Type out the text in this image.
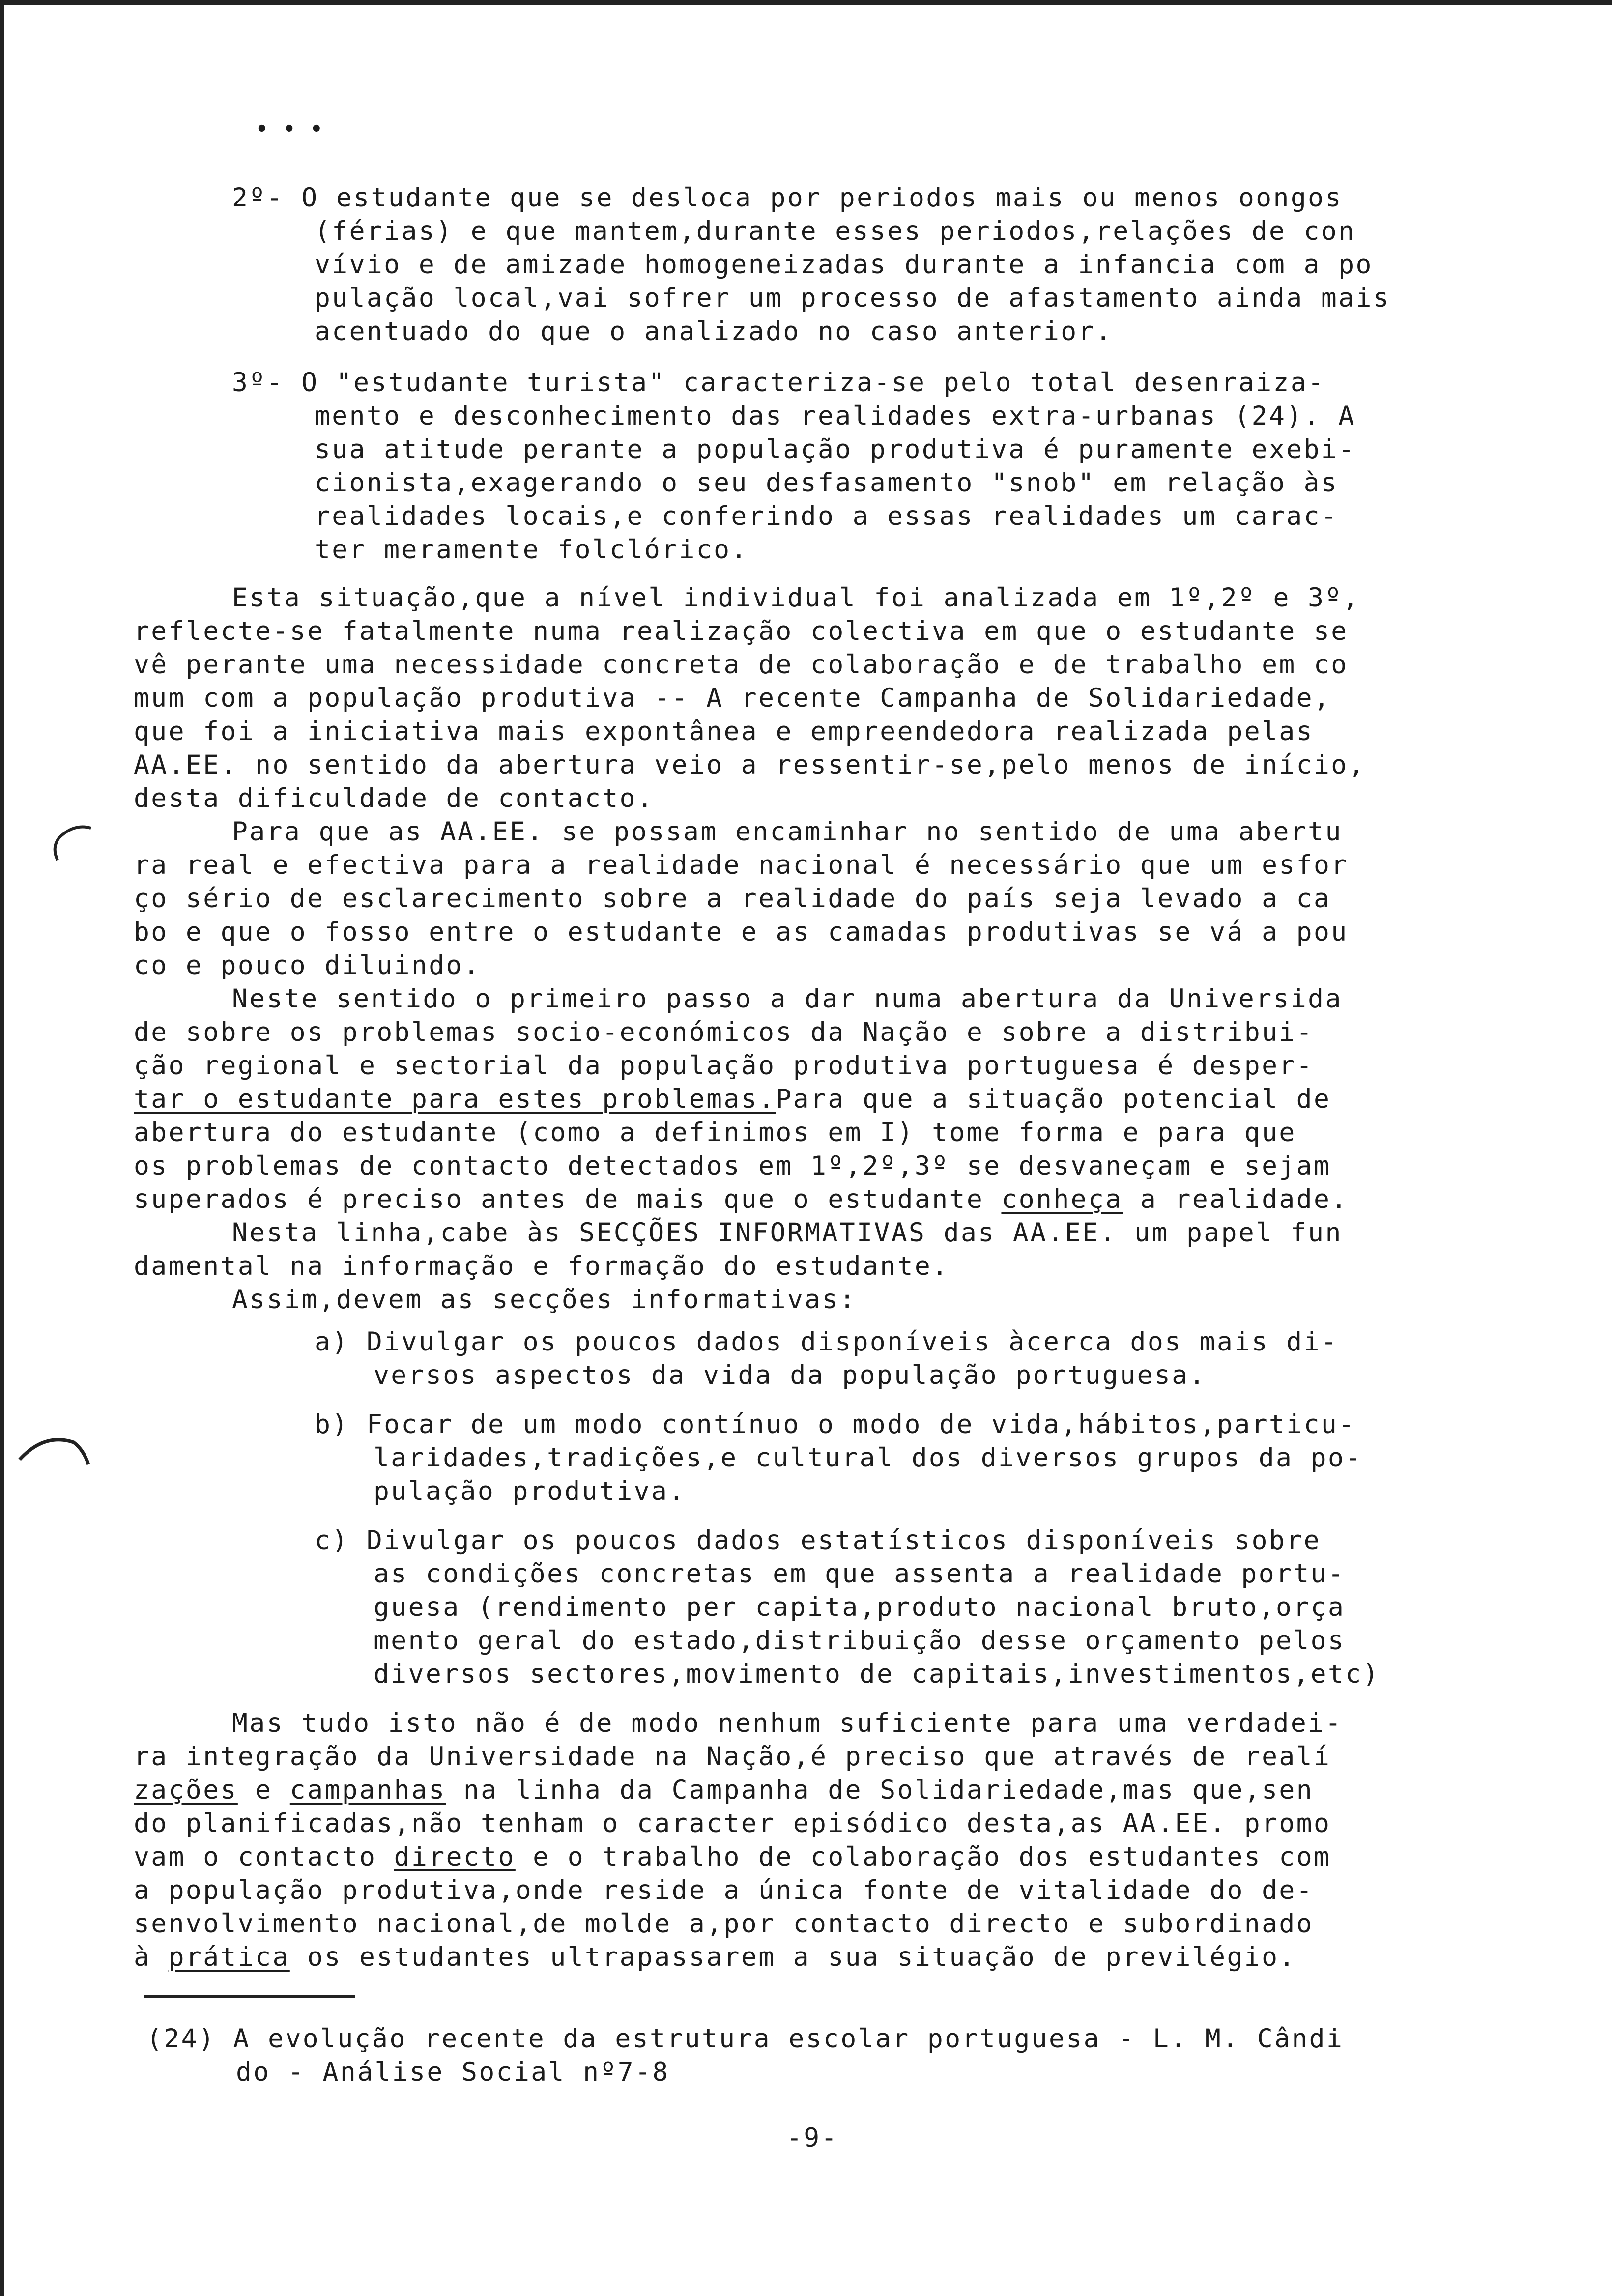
• • •
2º- O estudante que se desloca por periodos mais ou menos oongos
(férias) e que mantem,durante esses periodos,relações de con
vívio e de amizade homogeneizadas durante a infancia com a po
pulação local,vai sofrer um processo de afastamento ainda mais
acentuado do que o analizado no caso anterior.
3º- O "estudante turista" caracteriza-se pelo total desenraiza-
mento e desconhecimento das realidades extra-urbanas (24). A
sua atitude perante a população produtiva é puramente exebi-
cionista,exagerando o seu desfasamento "snob" em relação às
realidades locais,e conferindo a essas realidades um carac-
ter meramente folclórico.
Esta situação,que a nível individual foi analizada em 1º,2º e 3º,
reflecte-se fatalmente numa realização colectiva em que o estudante se
vê perante uma necessidade concreta de colaboração e de trabalho em co
mum com a população produtiva -- A recente Campanha de Solidariedade,
que foi a iniciativa mais expontânea e empreendedora realizada pelas
AA.EE. no sentido da abertura veio a ressentir-se,pelo menos de início,
desta dificuldade de contacto.
Para que as AA.EE. se possam encaminhar no sentido de uma abertu
ra real e efectiva para a realidade nacional é necessário que um esfor
ço sério de esclarecimento sobre a realidade do país seja levado a ca
bo e que o fosso entre o estudante e as camadas produtivas se vá a pou
co e pouco diluindo.
Neste sentido o primeiro passo a dar numa abertura da Universida
de sobre os problemas socio-económicos da Nação e sobre a distribui-
ção regional e sectorial da população produtiva portuguesa é desper-
tar o estudante para estes problemas.Para que a situação potencial de
abertura do estudante (como a definimos em I) tome forma e para que
os problemas de contacto detectados em 1º,2º,3º se desvaneçam e sejam
superados é preciso antes de mais que o estudante conheça a realidade.
Nesta linha,cabe às SECÇÕES INFORMATIVAS das AA.EE. um papel fun
damental na informação e formação do estudante.
Assim,devem as secções informativas:
a) Divulgar os poucos dados disponíveis àcerca dos mais di-
versos aspectos da vida da população portuguesa.
b) Focar de um modo contínuo o modo de vida,hábitos,particu-
laridades,tradições,e cultural dos diversos grupos da po-
pulação produtiva.
c) Divulgar os poucos dados estatísticos disponíveis sobre
as condições concretas em que assenta a realidade portu-
guesa (rendimento per capita,produto nacional bruto,orça
mento geral do estado,distribuição desse orçamento pelos
diversos sectores,movimento de capitais,investimentos,etc)
Mas tudo isto não é de modo nenhum suficiente para uma verdadei-
ra integração da Universidade na Nação,é preciso que através de realí
zações e campanhas na linha da Campanha de Solidariedade,mas que,sen
do planificadas,não tenham o caracter episódico desta,as AA.EE. promo
vam o contacto directo e o trabalho de colaboração dos estudantes com
a população produtiva,onde reside a única fonte de vitalidade do de-
senvolvimento nacional,de molde a,por contacto directo e subordinado
à prática os estudantes ultrapassarem a sua situação de previlégio.
(24) A evolução recente da estrutura escolar portuguesa - L. M. Cândi
do - Análise Social nº7-8
-9-
